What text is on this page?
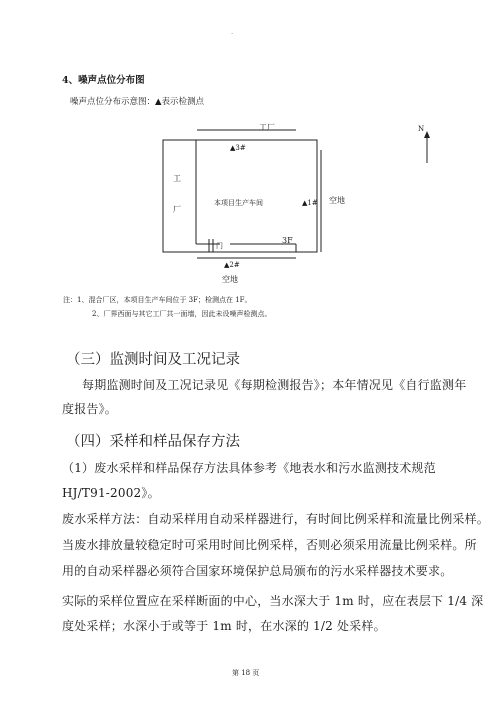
·
4、噪声点位分布图
噪声点位分布示意图：▲表示检测点
N
工厂
工
厂
本项目生产车间
3F
门
空地
空地
▲3#
▲1#
▲2#
注：1、混合厂区，本项目生产车间位于 3F；检测点在 1F。
2、厂界西面与其它工厂共一面墙，因此未设噪声检测点。
（三）监测时间及工况记录
每期监测时间及工况记录见《每期检测报告》；本年情况见《自行监测年
度报告》。
（四）采样和样品保存方法
（1）废水采样和样品保存方法具体参考《地表水和污水监测技术规范
HJ/T91-2002》。
废水采样方法：自动采样用自动采样器进行，有时间比例采样和流量比例采样。
当废水排放量较稳定时可采用时间比例采样，否则必须采用流量比例采样。所
用的自动采样器必须符合国家环境保护总局颁布的污水采样器技术要求。
实际的采样位置应在采样断面的中心，当水深大于 1m 时，应在表层下 1/4 深
度处采样；水深小于或等于 1m 时，在水深的 1/2 处采样。
第 18 页
